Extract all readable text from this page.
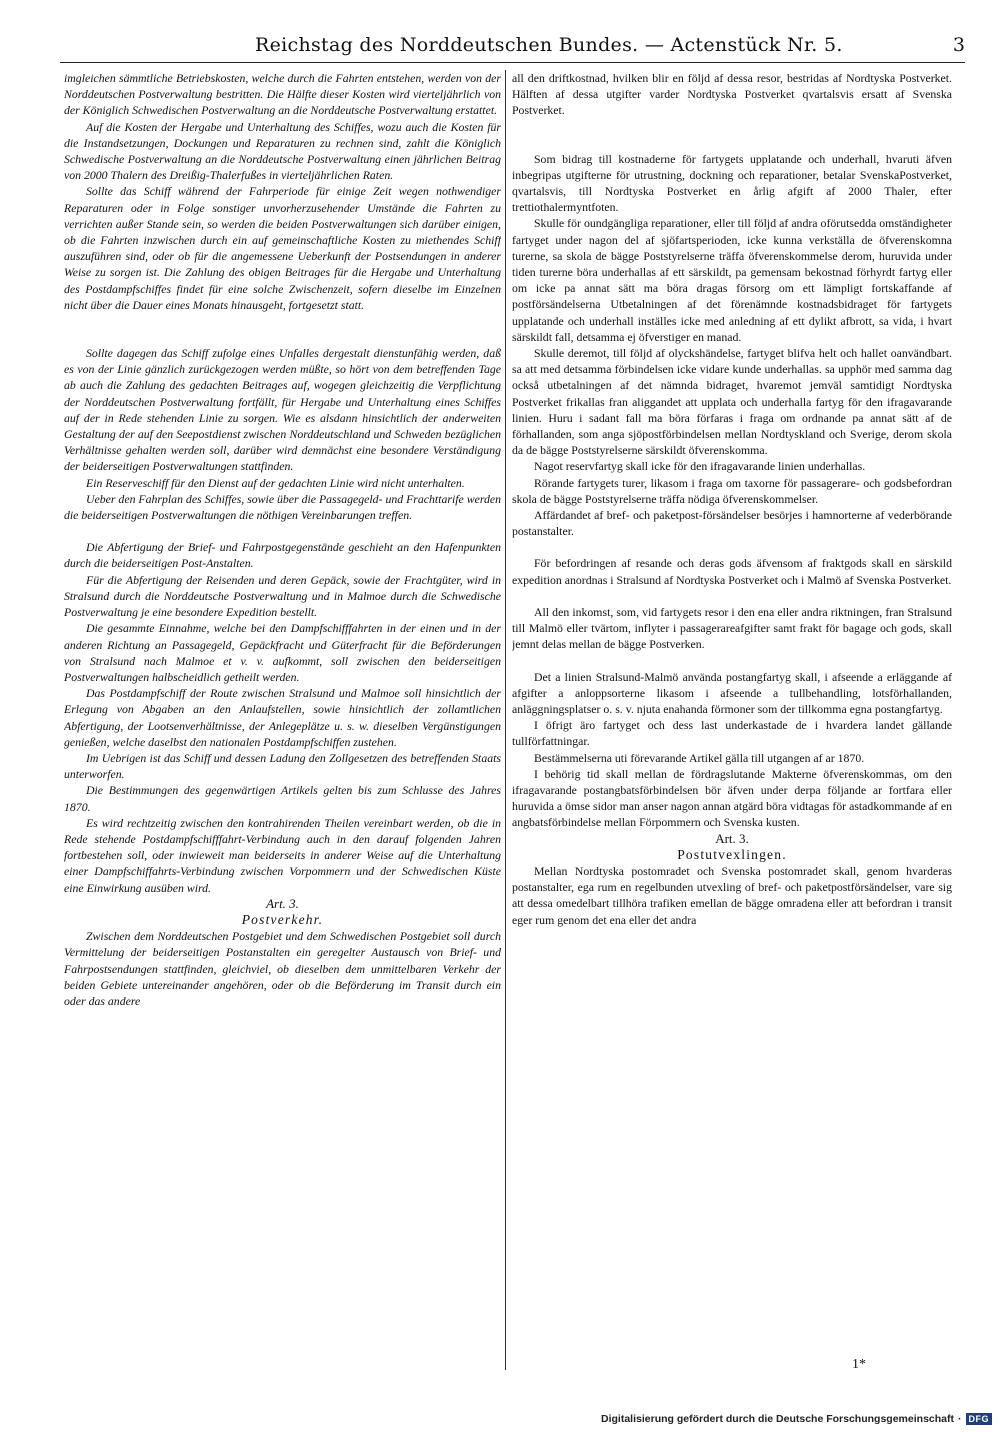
Reichstag des Norddeutschen Bundes. — Actenstück Nr. 5.	3

imgleichen sämmtliche Betriebskosten, welche durch die Fahrten entstehen, werden von der Norddeutschen Postverwaltung bestritten. Die Hälfte dieser Kosten wird vierteljährlich von der Königlich Schwedischen Postverwaltung an die Norddeutsche Postverwaltung erstattet.

Auf die Kosten der Hergabe und Unterhaltung des Schiffes, wozu auch die Kosten für die Instandsetzungen, Dockungen und Reparaturen zu rechnen sind, zahlt die Königlich Schwedische Postverwaltung an die Norddeutsche Postverwaltung einen jährlichen Beitrag von 2000 Thalern des Dreißig-Thalerfußes in vierteljährlichen Raten.

Sollte das Schiff während der Fahrperiode für einige Zeit wegen nothwendiger Reparaturen oder in Folge sonstiger unvorherzusehender Umstände die Fahrten zu verrichten außer Stande sein, so werden die beiden Postverwaltungen sich darüber einigen, ob die Fahrten inzwischen durch ein auf gemeinschaftliche Kosten zu miethendes Schiff auszuführen sind, oder ob für die angemessene Ueberkunft der Postsendungen in anderer Weise zu sorgen ist. Die Zahlung des obigen Beitrages für die Hergabe und Unterhaltung des Postdampfschiffes findet für eine solche Zwischenzeit, sofern dieselbe im Einzelnen nicht über die Dauer eines Monats hinausgeht, fortgesetzt statt.

Sollte dagegen das Schiff zufolge eines Unfalles dergestalt dienstunfähig werden, daß es von der Linie gänzlich zurückgezogen werden müßte, so hört von dem betreffenden Tage ab auch die Zahlung des gedachten Beitrages auf, wogegen gleichzeitig die Verpflichtung der Norddeutschen Postverwaltung fortfällt, für Hergabe und Unterhaltung eines Schiffes auf der in Rede stehenden Linie zu sorgen. Wie es alsdann hinsichtlich der anderweiten Gestaltung der auf den Seepostdienst zwischen Norddeutschland und Schweden bezüglichen Verhältnisse gehalten werden soll, darüber wird demnächst eine besondere Verständigung der beiderseitigen Postverwaltungen stattfinden.

Ein Reserveschiff für den Dienst auf der gedachten Linie wird nicht unterhalten.

Ueber den Fahrplan des Schiffes, sowie über die Passagegeld- und Frachttarife werden die beiderseitigen Postverwaltungen die nöthigen Vereinbarungen treffen.

Die Abfertigung der Brief- und Fahrpostgegenstände geschieht an den Hafenpunkten durch die beiderseitigen Post-Anstalten.

Für die Abfertigung der Reisenden und deren Gepäck, sowie der Frachtgüter, wird in Stralsund durch die Norddeutsche Postverwaltung und in Malmoe durch die Schwedische Postverwaltung je eine besondere Expedition bestellt.

Die gesammte Einnahme, welche bei den Dampfschifffahrten in der einen und in der anderen Richtung an Passagegeld, Gepäckfracht und Güterfracht für die Beförderungen von Stralsund nach Malmoe et v. v. aufkommt, soll zwischen den beiderseitigen Postverwaltungen halbscheidlich getheilt werden.

Das Postdampfschiff der Route zwischen Stralsund und Malmoe soll hinsichtlich der Erlegung von Abgaben an den Anlaufstellen, sowie hinsichtlich der zollamtlichen Abfertigung, der Lootsenverhältnisse, der Anlegeplätze u. s. w. dieselben Vergünstigungen genießen, welche daselbst den nationalen Postdampfschiffen zustehen.

Im Uebrigen ist das Schiff und dessen Ladung den Zollgesetzen des betreffenden Staats unterworfen.

Die Bestimmungen des gegenwärtigen Artikels gelten bis zum Schlusse des Jahres 1870.

Es wird rechtzeitig zwischen den kontrahirenden Theilen vereinbart werden, ob die in Rede stehende Postdampfschifffahrt-Verbindung auch in den darauf folgenden Jahren fortbestehen soll, oder inwieweit man beiderseits in anderer Weise auf die Unterhaltung einer Dampfschiffahrts-Verbindung zwischen Vorpommern und der Schwedischen Küste eine Einwirkung ausüben wird.

Art. 3.

Postverkehr.

Zwischen dem Norddeutschen Postgebiet und dem Schwedischen Postgebiet soll durch Vermittelung der beiderseitigen Postanstalten ein geregelter Austausch von Brief- und Fahrpostsendungen stattfinden, gleichviel, ob dieselben dem unmittelbaren Verkehr der beiden Gebiete untereinander angehören, oder ob die Beförderung im Transit durch ein oder das andere

all den driftkostnad, hvilken blir en följd af dessa resor, bestridas af Nordtyska Postverket. Hälften af dessa utgifter varder Nordtyska Postverket qvartalsvis ersatt af Svenska Postverket.

Som bidrag till kostnaderne för fartygets upplatande och underhall, hvaruti äfven inbegripas utgifterne för utrustning, dockning och reparationer, betalar SvenskaPostverket, qvartalsvis, till Nordtyska Postverket en årlig afgift af 2000 Thaler, efter trettiothalermyntfoten.

Skulle för oundgängliga reparationer, eller till följd af andra oförutsedda omständigheter fartyget under nagon del af sjöfartsperioden, icke kunna verkställa de öfverenskomna turerne, sa skola de bägge Poststyrelserne träffa öfverenskommelse derom, huruvida under tiden turerne böra underhallas af ett särskildt, pa gemensam bekostnad förhyrdt fartyg eller om icke pa annat sätt ma böra dragas försorg om ett lämpligt fortskaffande af postförsändelserna Utbetalningen af det förenämnde kostnadsbidraget för fartygets upplatande och underhall inställes icke med anledning af ett dylikt afbrott, sa vida, i hvart särskildt fall, detsamma ej öfverstiger en manad.

Skulle deremot, till följd af olyckshändelse, fartyget blifva helt och hallet oanvändbart. sa att med detsamma förbindelsen icke vidare kunde underhallas. sa upphör med samma dag också utbetalningen af det nämnda bidraget, hvaremot jemväl samtidigt Nordtyska Postverket frikallas fran aliggandet att upplata och underhalla fartyg för den ifragavarande linien. Huru i sadant fall ma böra förfaras i fraga om ordnande pa annat sätt af de förhallanden, som anga sjöpostförbindelsen mellan Nordtyskland och Sverige, derom skola da de bägge Poststyrelserne särskildt öfverenskomma.

Nagot reservfartyg skall icke för den ifragavarande linien underhallas.

Rörande fartygets turer, likasom i fraga om taxorne för passagerare- och godsbefordran skola de bägge Poststyrelserne träffa nödiga öfverenskommelser.

Affärdandet af bref- och paketpost-försändelser besörjes i hamnorterne af vederbörande postanstalter.

För befordringen af resande och deras gods äfvensom af fraktgods skall en särskild expedition anordnas i Stralsund af Nordtyska Postverket och i Malmö af Svenska Postverket.

All den inkomst, som, vid fartygets resor i den ena eller andra riktningen, fran Stralsund till Malmö eller tvärtom, inflyter i passagerareafgifter samt frakt för bagage och gods, skall jemnt delas mellan de bägge Postverken.

Det a linien Stralsund-Malmö använda postangfartyg skall, i afseende a erläggande af afgifter a anloppsorterne likasom i afseende a tullbehandling, lotsförhallanden, anläggningsplatser o. s. v. njuta enahanda förmoner som der tillkomma egna postangfartyg.

I öfrigt äro fartyget och dess last underkastade de i hvardera landet gällande tullförfattningar.

Bestämmelserna uti förevarande Artikel gälla till utgangen af ar 1870.

I behörig tid skall mellan de fördragslutande Makterne öfverenskommas, om den ifragavarande postangbatsförbindelsen bör äfven under derpa följande ar fortfara eller huruvida a ömse sidor man anser nagon annan atgärd böra vidtagas för astadkommande af en angbatsförbindelse mellan Förpommern och Svenska kusten.

Art. 3.

Postutvexlingen.

Mellan Nordtyska postomradet och Svenska postomradet skall, genom hvarderas postanstalter, ega rum en regelbunden utvexling of bref- och paketpostförsändelser, vare sig att dessa omedelbart tillhöra trafiken emellan de bägge omradena eller att befordran i transit eger rum genom det ena eller det andra

1*
Digitalisierung gefördert durch die Deutsche Forschungsgemeinschaft · DFG
